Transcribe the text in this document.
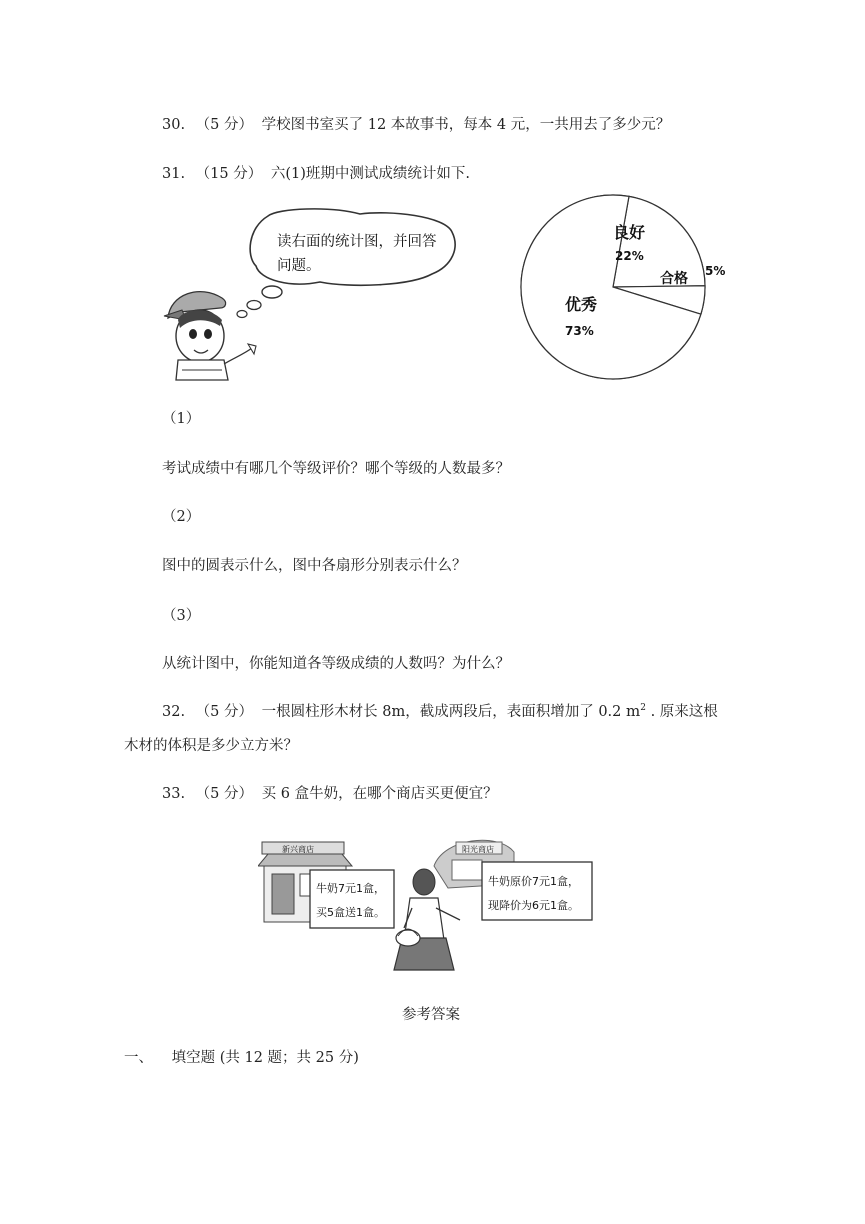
30. （5 分） 学校图书室买了 12 本故事书，每本 4 元，一共用去了多少元？
31. （15 分） 六(1)班期中测试成绩统计如下.
读右面的统计图，并回答
问题。
良好
22%
合格 5%
优秀
73%
（1）
考试成绩中有哪几个等级评价？哪个等级的人数最多？
（2）
图中的圆表示什么，图中各扇形分别表示什么？
（3）
从统计图中，你能知道各等级成绩的人数吗？为什么？
32. （5 分） 一根圆柱形木材长 8m，截成两段后，表面积增加了 0.2 $m^2$ . 原来这根
木材的体积是多少立方米？
33. （5 分） 买 6 盒牛奶，在哪个商店买更便宜？
新兴商店
牛奶7元1盒，
买5盒送1盒。
阳光商店
牛奶原价7元1盒，
现降价为6元1盒。
参考答案
一、 填空题 (共 12 题；共 25 分)
